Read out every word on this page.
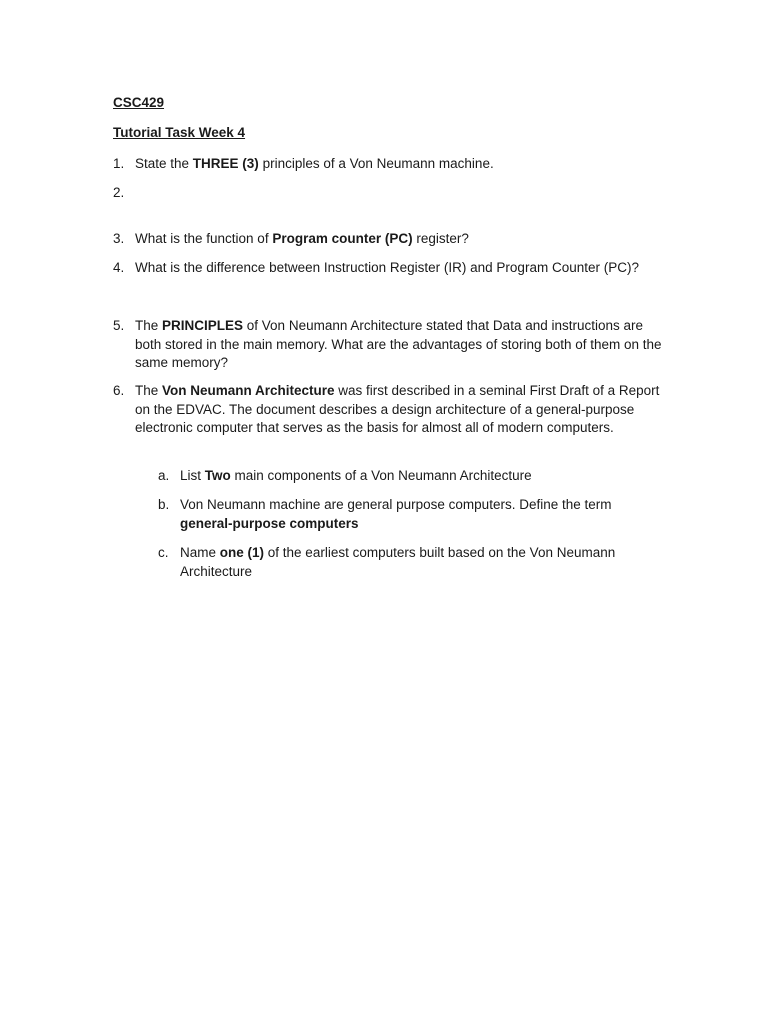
CSC429
Tutorial Task Week 4
1. State the THREE (3) principles of a Von Neumann machine.
2.
3. What is the function of Program counter (PC) register?
4. What is the difference between Instruction Register (IR) and Program Counter (PC)?
5. The PRINCIPLES of Von Neumann Architecture stated that Data and instructions are both stored in the main memory. What are the advantages of storing both of them on the same memory?
6. The Von Neumann Architecture was first described in a seminal First Draft of a Report on the EDVAC. The document describes a design architecture of a general-purpose electronic computer that serves as the basis for almost all of modern computers.
a. List Two main components of a Von Neumann Architecture
b. Von Neumann machine are general purpose computers. Define the term general-purpose computers
c. Name one (1) of the earliest computers built based on the Von Neumann Architecture
